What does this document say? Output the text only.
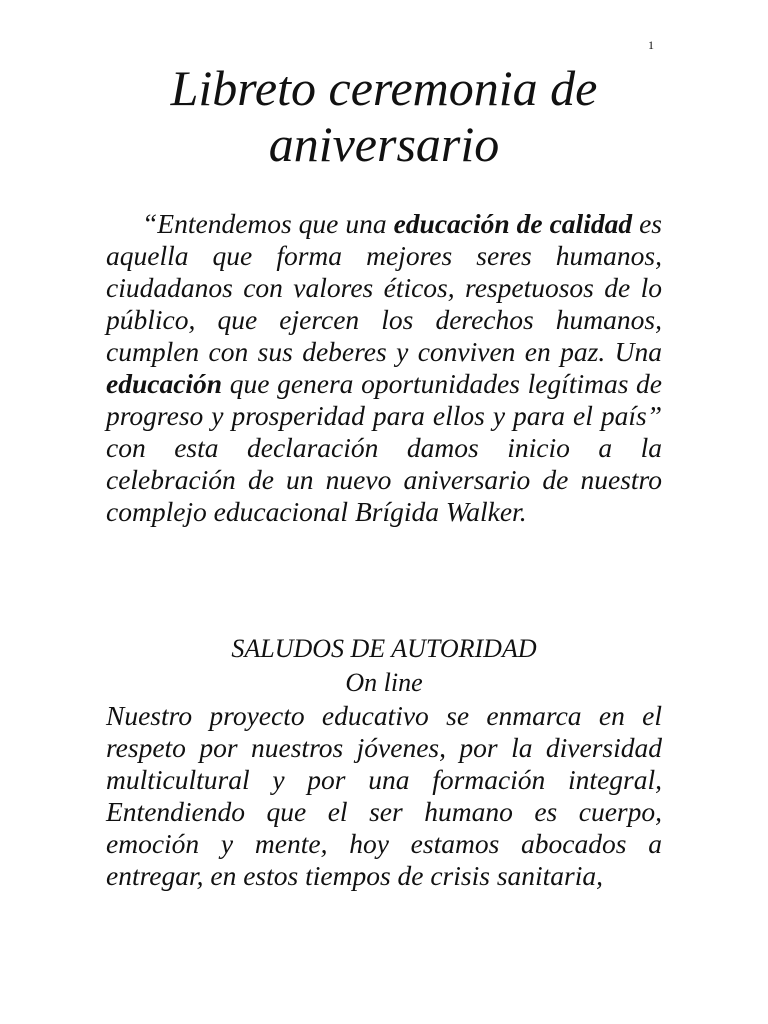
1
Libreto ceremonia de
aniversario

“Entendemos que una educación de calidad es aquella que forma mejores seres humanos, ciudadanos con valores éticos, respetuosos de lo público, que ejercen los derechos humanos, cumplen con sus deberes y conviven en paz. Una educación que genera oportunidades legítimas de progreso y prosperidad para ellos y para el país” con esta declaración damos inicio a la celebración de un nuevo aniversario de nuestro complejo educacional Brígida Walker.

SALUDOS DE AUTORIDAD

On line

Nuestro proyecto educativo se enmarca en el respeto por nuestros jóvenes, por la diversidad multicultural y por una formación integral, Entendiendo que el ser humano es cuerpo, emoción y mente, hoy estamos abocados a entregar, en estos tiempos de crisis sanitaria,
